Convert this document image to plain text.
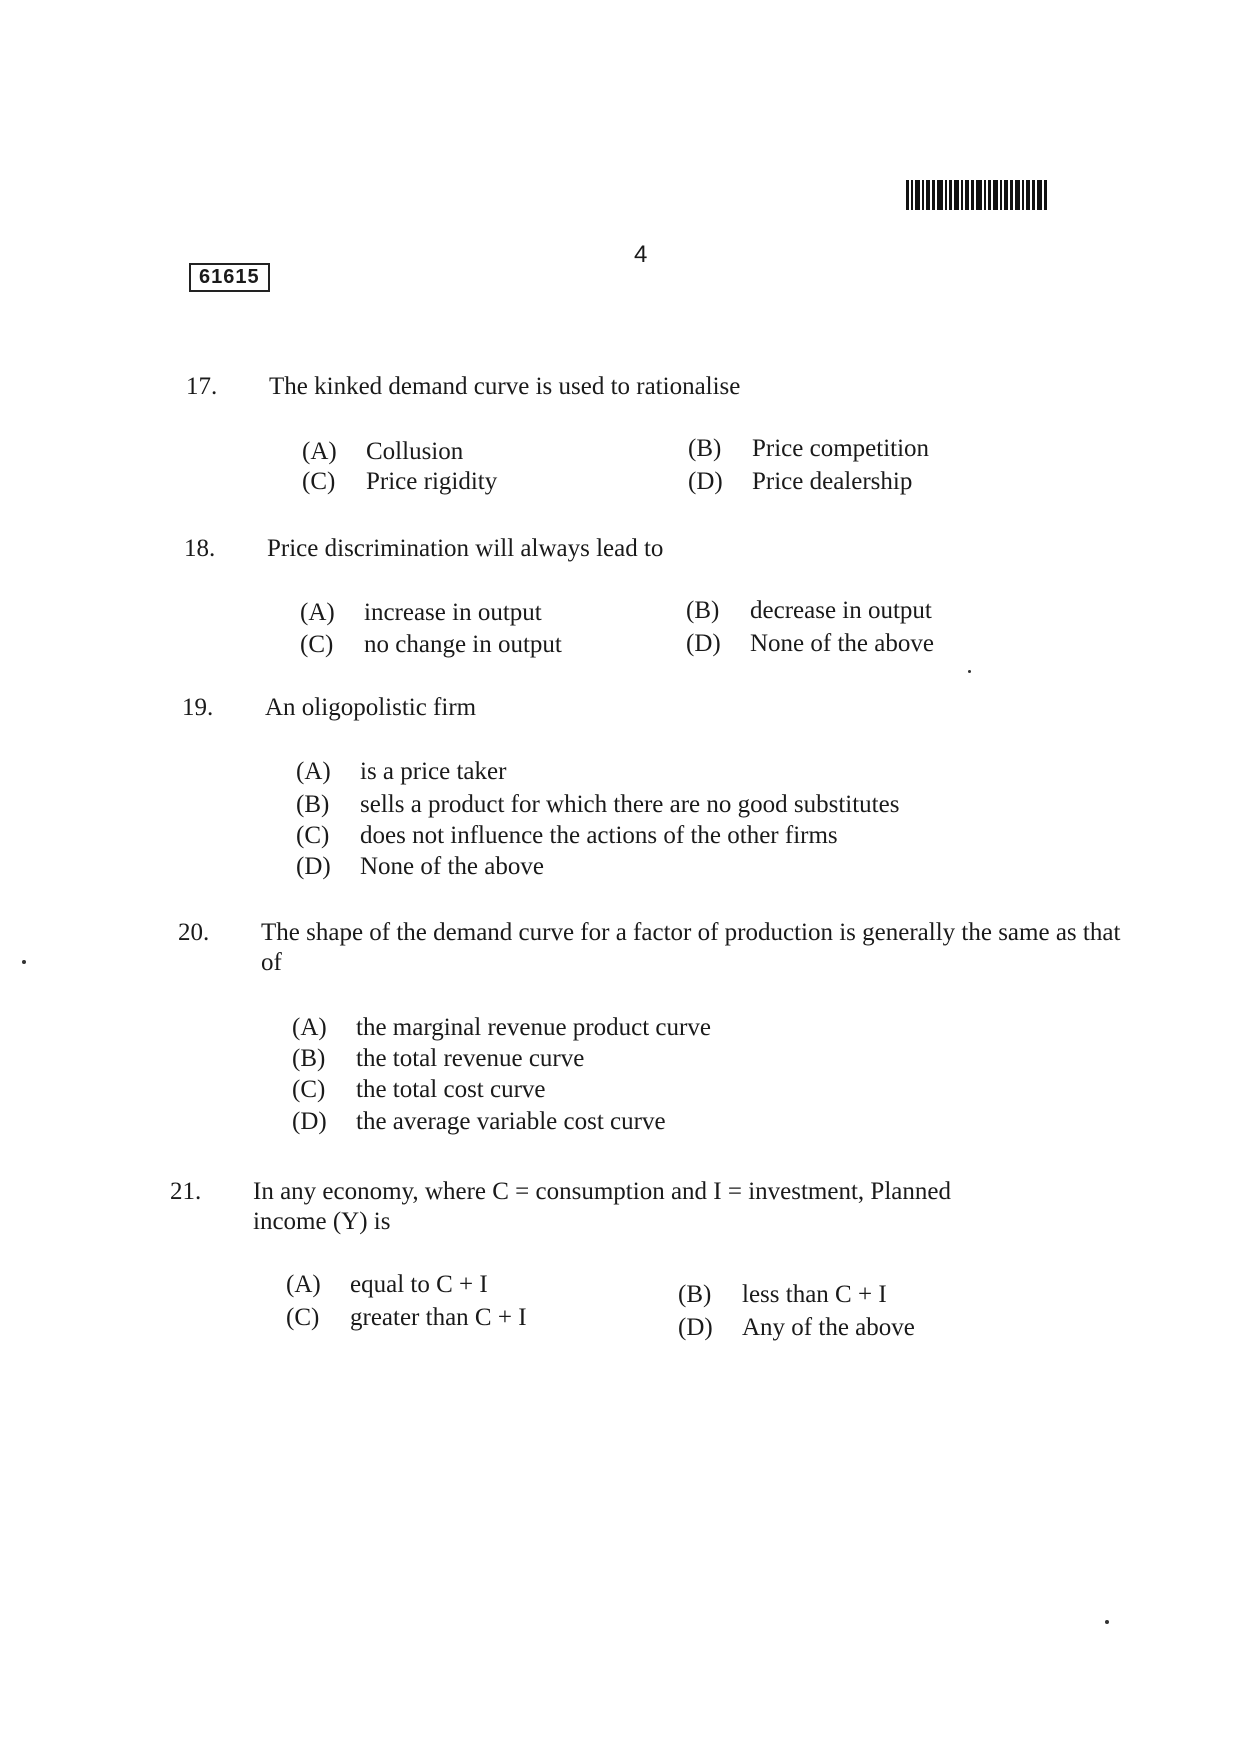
4
61615
17. The kinked demand curve is used to rationalise
(A) Collusion	(B) Price competition
(C) Price rigidity	(D) Price dealership
18. Price discrimination will always lead to
(A) increase in output	(B) decrease in output
(C) no change in output	(D) None of the above
19. An oligopolistic firm
(A) is a price taker
(B) sells a product for which there are no good substitutes
(C) does not influence the actions of the other firms
(D) None of the above
20. The shape of the demand curve for a factor of production is generally the same as that of
(A) the marginal revenue product curve
(B) the total revenue curve
(C) the total cost curve
(D) the average variable cost curve
21. In any economy, where C = consumption and I = investment, Planned income (Y) is
(A) equal to C + I	(B) less than C + I
(C) greater than C + I	(D) Any of the above
